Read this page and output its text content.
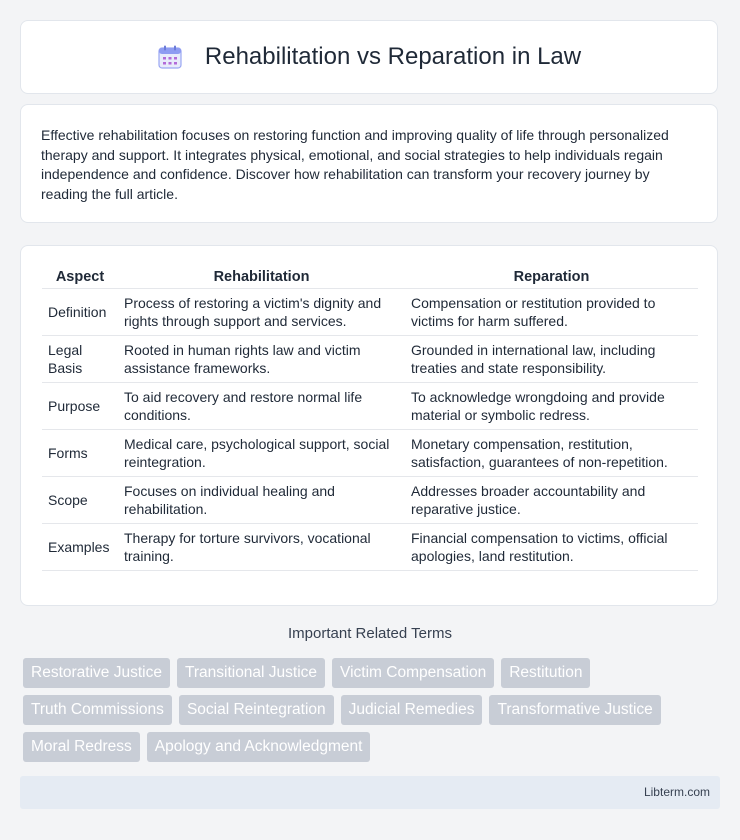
Rehabilitation vs Reparation in Law

Effective rehabilitation focuses on restoring function and improving quality of life through personalized therapy and support. It integrates physical, emotional, and social strategies to help individuals regain independence and confidence. Discover how rehabilitation can transform your recovery journey by reading the full article.

Aspect	Rehabilitation	Reparation
Definition	Process of restoring a victim's dignity and rights through support and services.	Compensation or restitution provided to victims for harm suffered.
Legal Basis	Rooted in human rights law and victim assistance frameworks.	Grounded in international law, including treaties and state responsibility.
Purpose	To aid recovery and restore normal life conditions.	To acknowledge wrongdoing and provide material or symbolic redress.
Forms	Medical care, psychological support, social reintegration.	Monetary compensation, restitution, satisfaction, guarantees of non-repetition.
Scope	Focuses on individual healing and rehabilitation.	Addresses broader accountability and reparative justice.
Examples	Therapy for torture survivors, vocational training.	Financial compensation to victims, official apologies, land restitution.
Important Related Terms
Restorative Justice	Transitional Justice	Victim Compensation	Restitution
Truth Commissions	Social Reintegration	Judicial Remedies	Transformative Justice
Moral Redress	Apology and Acknowledgment
Libterm.com
